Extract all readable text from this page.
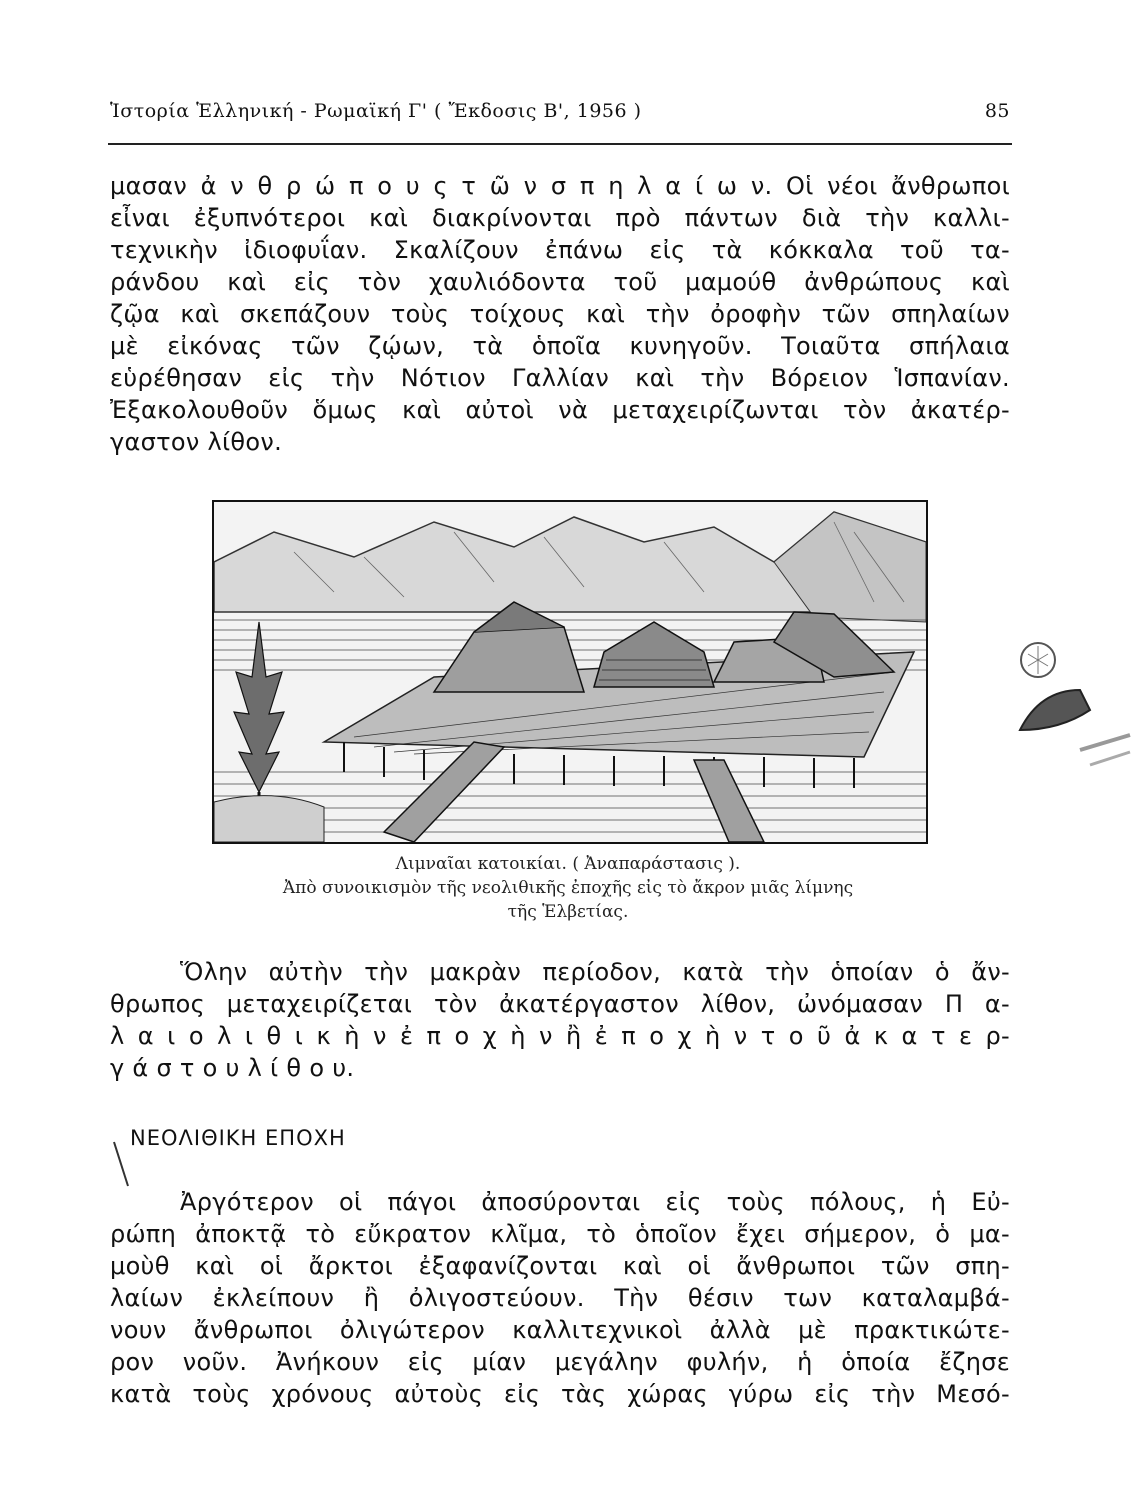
Ἱστορία Ἑλληνική - Ρωμαϊκή Γ' ( Ἔκδοσις Β', 1956 )	85
μασαν ἀ ν θ ρ ώ π ο υ ς τ ῶ ν σ π η λ α ί ω ν. Οἱ νέοι ἄνθρωποι
εἶναι ἐξυπνότεροι καὶ διακρίνονται πρὸ πάντων διὰ τὴν καλλι-
τεχνικὴν ἰδιοφυΐαν. Σκαλίζουν ἐπάνω εἰς τὰ κόκκαλα τοῦ τα-
ράνδου καὶ εἰς τὸν χαυλιόδοντα τοῦ μαμούθ ἀνθρώπους καὶ
ζῷα καὶ σκεπάζουν τοὺς τοίχους καὶ τὴν ὀροφὴν τῶν σπηλαίων
μὲ εἰκόνας τῶν ζῴων, τὰ ὁποῖα κυνηγοῦν. Τοιαῦτα σπήλαια
εὑρέθησαν εἰς τὴν Νότιον Γαλλίαν καὶ τὴν Βόρειον Ἱσπανίαν.
Ἐξακολουθοῦν ὅμως καὶ αὐτοὶ νὰ μεταχειρίζωνται τὸν ἀκατέρ-
γαστον λίθον.
Λιμναῖαι κατοικίαι. ( Ἀναπαράστασις ).
Ἀπὸ συνοικισμὸν τῆς νεολιθικῆς ἐποχῆς εἰς τὸ ἄκρον μιᾶς λίμνης
τῆς Ἑλβετίας.
Ὅλην αὐτὴν τὴν μακρὰν περίοδον, κατὰ τὴν ὁποίαν ὁ ἄν-
θρωπος μεταχειρίζεται τὸν ἀκατέργαστον λίθον, ὠνόμασαν Π α-
λ α ι ο λ ι θ ι κ ὴ ν ἐ π ο χ ὴ ν ἢ ἐ π ο χ ὴ ν τ ο ῦ ἀ κ α τ ε ρ-
γ ά σ τ ο υ λ ί θ ο υ.
ΝΕΟΛΙΘΙΚΗ ΕΠΟΧΗ
Ἀργότερον οἱ πάγοι ἀποσύρονται εἰς τοὺς πόλους, ἡ Εὐ-
ρώπη ἀποκτᾷ τὸ εὔκρατον κλῖμα, τὸ ὁποῖον ἔχει σήμερον, ὁ μα-
μοὺθ καὶ οἱ ἄρκτοι ἐξαφανίζονται καὶ οἱ ἄνθρωποι τῶν σπη-
λαίων ἐκλείπουν ἢ ὀλιγοστεύουν. Τὴν θέσιν των καταλαμβά-
νουν ἄνθρωποι ὀλιγώτερον καλλιτεχνικοὶ ἀλλὰ μὲ πρακτικώτε-
ρον νοῦν. Ἀνήκουν εἰς μίαν μεγάλην φυλήν, ἡ ὁποία ἔζησε
κατὰ τοὺς χρόνους αὐτοὺς εἰς τὰς χώρας γύρω εἰς τὴν Μεσό-
